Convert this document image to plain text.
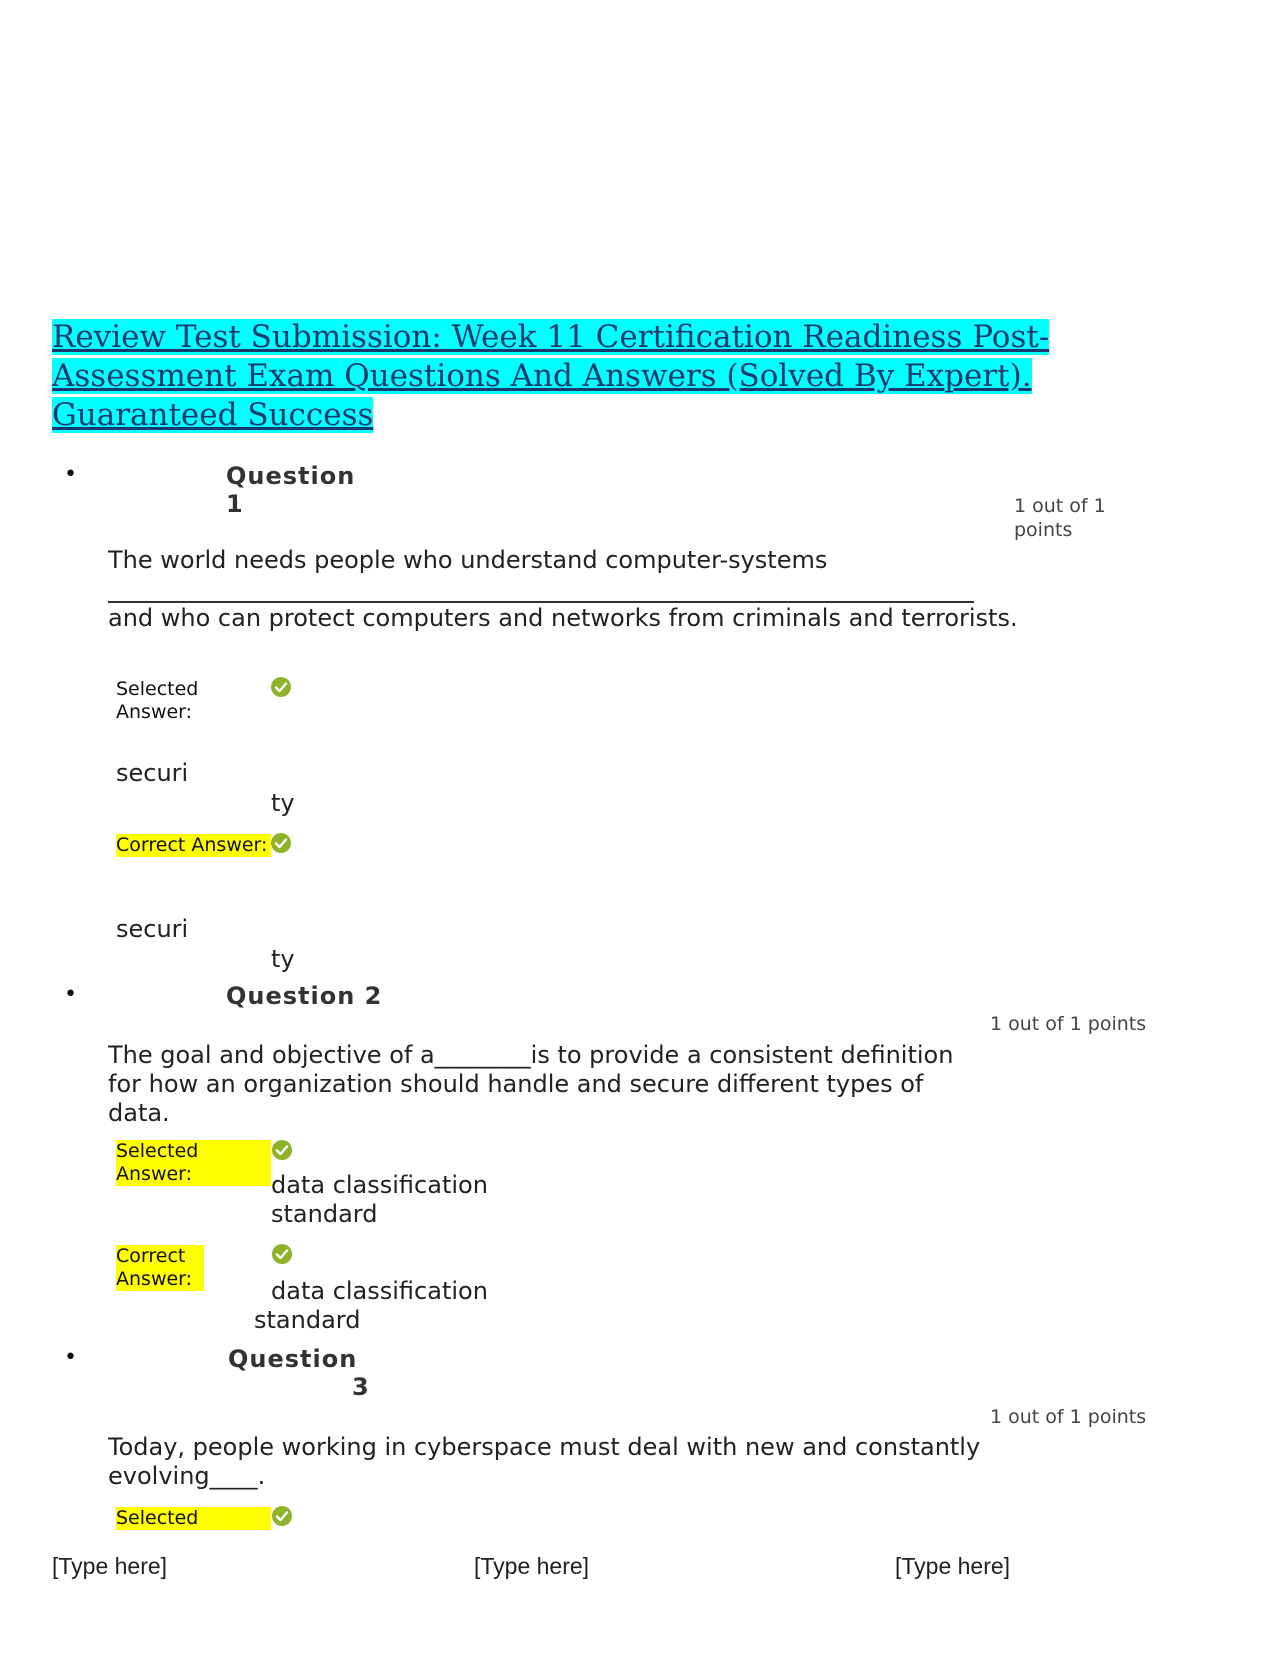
Review Test Submission: Week 11 Certification Readiness Post-Assessment Exam Questions And Answers (Solved By Expert). Guaranteed Success
•	Question
1	1 out of 1 points

The world needs people who understand computer-systems

and who can protect computers and networks from criminals and terrorists.

Selected Answer:
securi
ty
Correct Answer:
securi
ty
•	Question 2
1 out of 1 points

The goal and objective of a________is to provide a consistent definition for how an organization should handle and secure different types of data.

Selected Answer:	data classification
standard
Correct Answer:	data classification
standard
•	Question
3
1 out of 1 points

Today, people working in cyberspace must deal with new and constantly evolving____.

Selected
[Type here]	[Type here]	[Type here]
